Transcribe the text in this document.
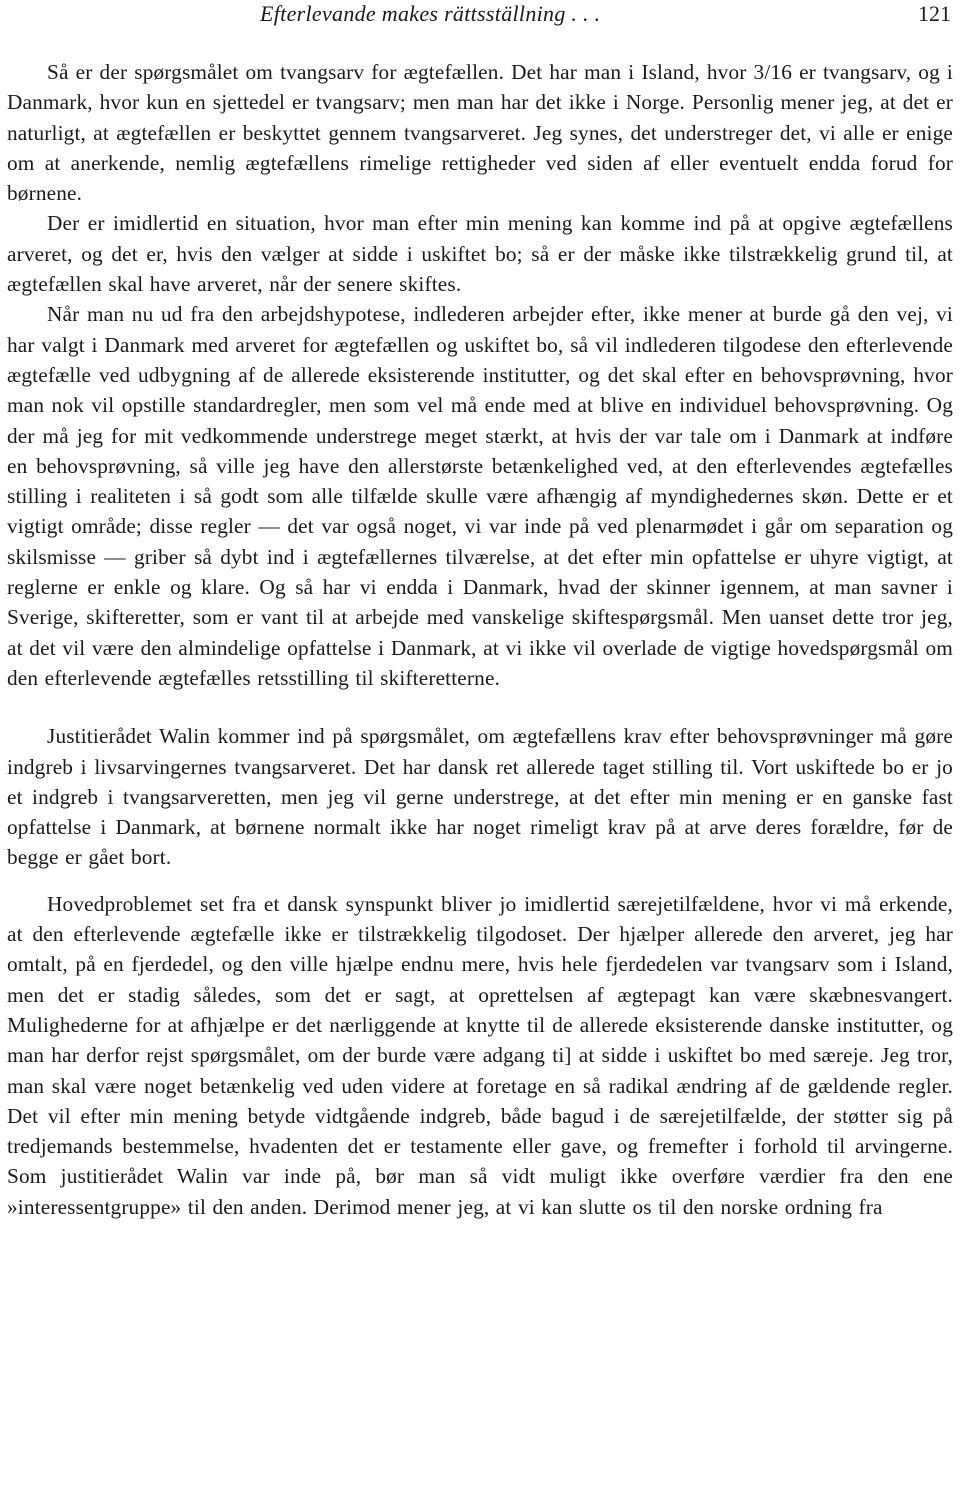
Efterlevande makes rättsställning . . .	121

Så er der spørgsmålet om tvangsarv for ægtefællen. Det har man i Island, hvor 3/16 er tvangsarv, og i Danmark, hvor kun en sjettedel er tvangsarv; men man har det ikke i Norge. Personlig mener jeg, at det er naturligt, at ægtefællen er beskyttet gennem tvangsarveret. Jeg synes, det understreger det, vi alle er enige om at anerkende, nemlig ægtefællens rimelige rettigheder ved siden af eller eventuelt endda forud for børnene.

Der er imidlertid en situation, hvor man efter min mening kan komme ind på at opgive ægtefællens arveret, og det er, hvis den vælger at sidde i uskiftet bo; så er der måske ikke tilstrækkelig grund til, at ægtefællen skal have arveret, når der senere skiftes.

Når man nu ud fra den arbejdshypotese, indlederen arbejder efter, ikke mener at burde gå den vej, vi har valgt i Danmark med arveret for ægtefællen og uskiftet bo, så vil indlederen tilgodese den efterlevende ægtefælle ved udbygning af de allerede eksisterende institutter, og det skal efter en behovsprøvning, hvor man nok vil opstille standardregler, men som vel må ende med at blive en individuel behovsprøvning. Og der må jeg for mit vedkommende understrege meget stærkt, at hvis der var tale om i Danmark at indføre en behovsprøvning, så ville jeg have den allerstørste betænkelighed ved, at den efterlevendes ægtefælles stilling i realiteten i så godt som alle tilfælde skulle være afhængig af myndighedernes skøn. Dette er et vigtigt område; disse regler — det var også noget, vi var inde på ved plenarmødet i går om separation og skilsmisse — griber så dybt ind i ægtefællernes tilværelse, at det efter min opfattelse er uhyre vigtigt, at reglerne er enkle og klare. Og så har vi endda i Danmark, hvad der skinner igennem, at man savner i Sverige, skifteretter, som er vant til at arbejde med vanskelige skiftespørgsmål. Men uanset dette tror jeg, at det vil være den almindelige opfattelse i Danmark, at vi ikke vil overlade de vigtige hovedspørgsmål om den efterlevende ægtefælles retsstilling til skifteretterne.

Justitierådet Walin kommer ind på spørgsmålet, om ægtefællens krav efter behovsprøvninger må gøre indgreb i livsarvingernes tvangsarveret. Det har dansk ret allerede taget stilling til. Vort uskiftede bo er jo et indgreb i tvangsarveretten, men jeg vil gerne understrege, at det efter min mening er en ganske fast opfattelse i Danmark, at børnene normalt ikke har noget rimeligt krav på at arve deres forældre, før de begge er gået bort.

Hovedproblemet set fra et dansk synspunkt bliver jo imidlertid særejetilfældene, hvor vi må erkende, at den efterlevende ægtefælle ikke er tilstrækkelig tilgodoset. Der hjælper allerede den arveret, jeg har omtalt, på en fjerdedel, og den ville hjælpe endnu mere, hvis hele fjerdedelen var tvangsarv som i Island, men det er stadig således, som det er sagt, at oprettelsen af ægtepagt kan være skæbnesvangert. Mulighederne for at afhjælpe er det nærliggende at knytte til de allerede eksisterende danske institutter, og man har derfor rejst spørgsmålet, om der burde være adgang ti] at sidde i uskiftet bo med særeje. Jeg tror, man skal være noget betænkelig ved uden videre at foretage en så radikal ændring af de gældende regler. Det vil efter min mening betyde vidtgående indgreb, både bagud i de særejetilfælde, der støtter sig på tredjemands bestemmelse, hvadenten det er testamente eller gave, og fremefter i forhold til arvingerne. Som justitierådet Walin var inde på, bør man så vidt muligt ikke overføre værdier fra den ene »interessentgruppe» til den anden. Derimod mener jeg, at vi kan slutte os til den norske ordning fra
